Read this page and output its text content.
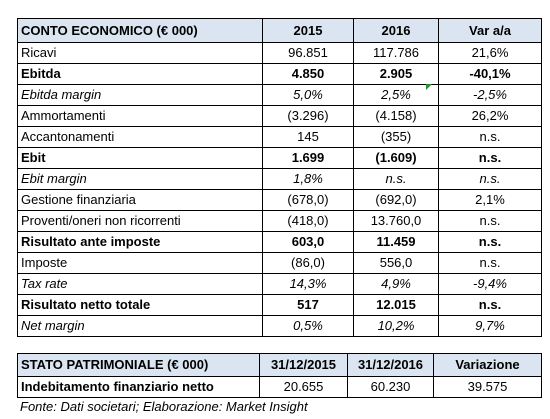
CONTO ECONOMICO (€ 000)	2015	2016	Var a/a
Ricavi	96.851	117.786	21,6%
Ebitda	4.850	2.905	-40,1%
Ebitda margin	5,0%	2,5%	-2,5%
Ammortamenti	(3.296)	(4.158)	26,2%
Accantonamenti	145	(355)	n.s.
Ebit	1.699	(1.609)	n.s.
Ebit margin	1,8%	n.s.	n.s.
Gestione finanziaria	(678,0)	(692,0)	2,1%
Proventi/oneri non ricorrenti	(418,0)	13.760,0	n.s.
Risultato ante imposte	603,0	11.459	n.s.
Imposte	(86,0)	556,0	n.s.
Tax rate	14,3%	4,9%	-9,4%
Risultato netto totale	517	12.015	n.s.
Net margin	0,5%	10,2%	9,7%
STATO PATRIMONIALE (€ 000)	31/12/2015	31/12/2016	Variazione
Indebitamento finanziario netto	20.655	60.230	39.575
Fonte: Dati societari; Elaborazione: Market Insight
